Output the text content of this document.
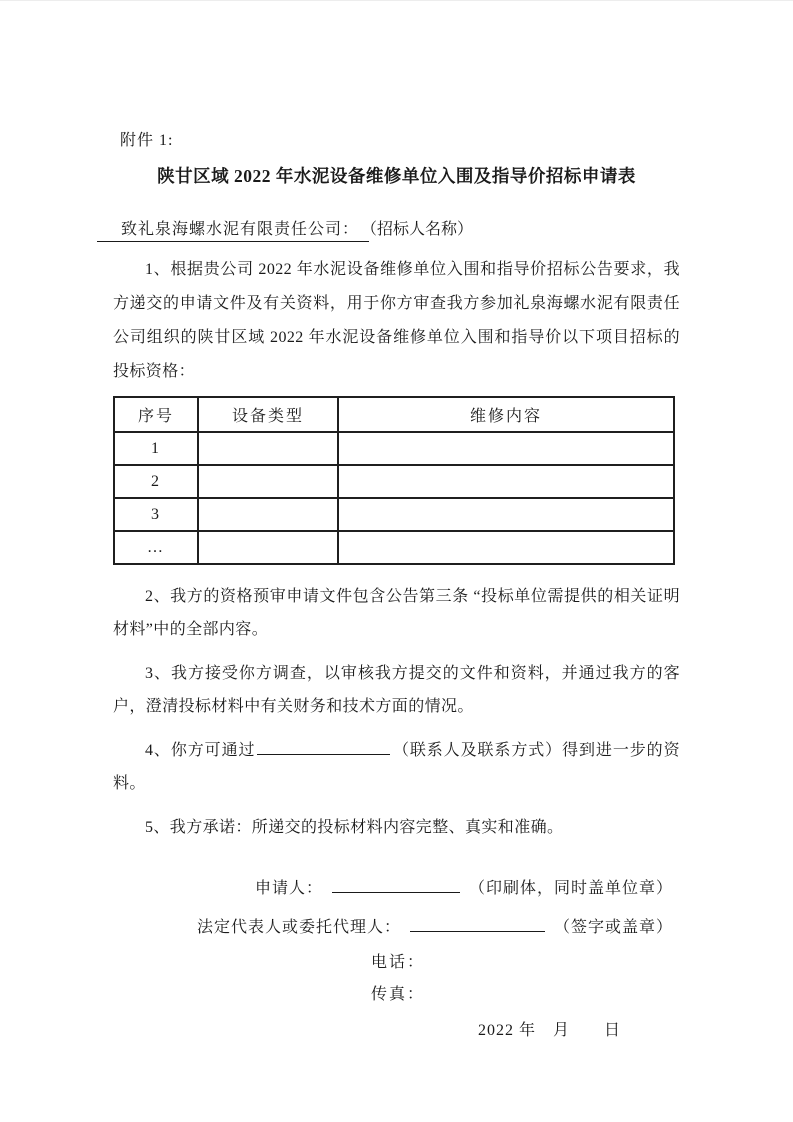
附件 1:
陕甘区域 2022 年水泥设备维修单位入围及指导价招标申请表
致礼泉海螺水泥有限责任公司： （招标人名称）

1、根据贵公司 2022 年水泥设备维修单位入围和指导价招标公告要求，我方递交的申请文件及有关资料，用于你方审查我方参加礼泉海螺水泥有限责任公司组织的陕甘区域 2022 年水泥设备维修单位入围和指导价以下项目招标的投标资格：

序号	设备类型	维修内容
1		
2		
3		
…		

2、我方的资格预审申请文件包含公告第三条 “投标单位需提供的相关证明材料”中的全部内容。

3、我方接受你方调查，以审核我方提交的文件和资料，并通过我方的客户，澄清投标材料中有关财务和技术方面的情况。

4、你方可通过	（联系人及联系方式）得到进一步的资料。

5、我方承诺：所递交的投标材料内容完整、真实和准确。

申请人：	（印刷体，同时盖单位章）
法定代表人或委托代理人：	（签字或盖章）
电话：
传真：
2022 年　月　　日
